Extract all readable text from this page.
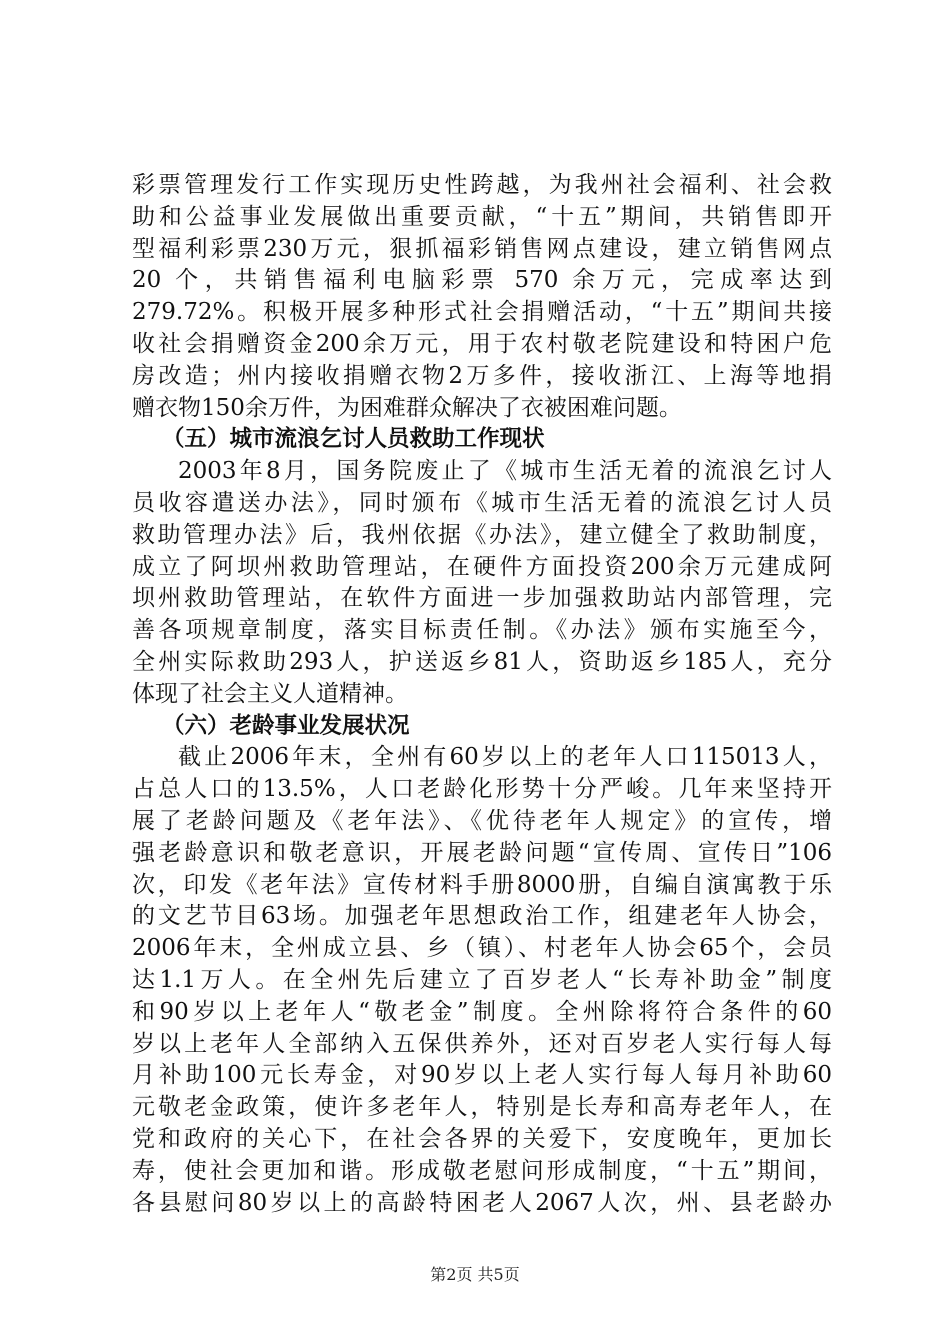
彩票管理发行工作实现历史性跨越，为我州社会福利、社会救
助和公益事业发展做出重要贡献，“十五”期间，共销售即开
型福利彩票230万元，狠抓福彩销售网点建设，建立销售网点
20 个，共销售福利电脑彩票 570 余万元，完成率达到
279.72%。积极开展多种形式社会捐赠活动，“十五”期间共接
收社会捐赠资金200余万元，用于农村敬老院建设和特困户危
房改造；州内接收捐赠衣物2万多件，接收浙江、上海等地捐
赠衣物150余万件，为困难群众解决了衣被困难问题。
（五）城市流浪乞讨人员救助工作现状
2003年8月，国务院废止了《城市生活无着的流浪乞讨人
员收容遣送办法》，同时颁布《城市生活无着的流浪乞讨人员
救助管理办法》后，我州依据《办法》，建立健全了救助制度，
成立了阿坝州救助管理站，在硬件方面投资200余万元建成阿
坝州救助管理站，在软件方面进一步加强救助站内部管理，完
善各项规章制度，落实目标责任制。《办法》颁布实施至今，
全州实际救助293人，护送返乡81人，资助返乡185人，充分
体现了社会主义人道精神。
（六）老龄事业发展状况
截止2006年末，全州有60岁以上的老年人口115013人，
占总人口的13.5%，人口老龄化形势十分严峻。几年来坚持开
展了老龄问题及《老年法》、《优待老年人规定》的宣传，增
强老龄意识和敬老意识，开展老龄问题“宣传周、宣传日”106
次，印发《老年法》宣传材料手册8000册，自编自演寓教于乐
的文艺节目63场。加强老年思想政治工作，组建老年人协会，
2006年末，全州成立县、乡（镇）、村老年人协会65个，会员
达1.1万人。在全州先后建立了百岁老人“长寿补助金”制度
和90岁以上老年人“敬老金”制度。全州除将符合条件的60
岁以上老年人全部纳入五保供养外，还对百岁老人实行每人每
月补助100元长寿金，对90岁以上老人实行每人每月补助60
元敬老金政策，使许多老年人，特别是长寿和高寿老年人，在
党和政府的关心下，在社会各界的关爱下，安度晚年，更加长
寿，使社会更加和谐。形成敬老慰问形成制度，“十五”期间，
各县慰问80岁以上的高龄特困老人2067人次，州、县老龄办
第2页 共5页
